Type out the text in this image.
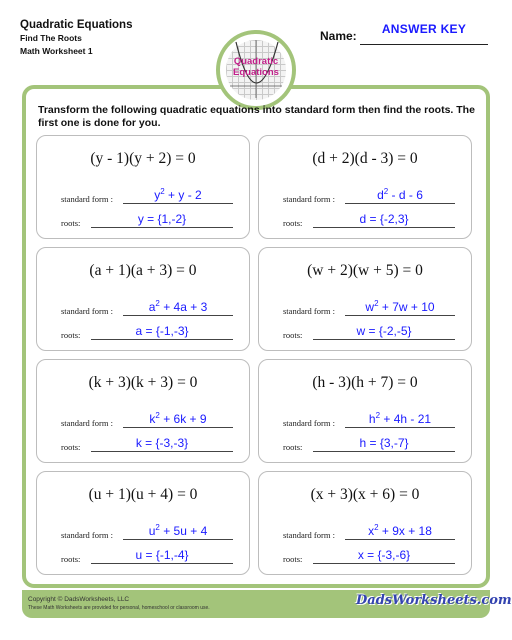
Quadratic Equations
Find The Roots
Math Worksheet 1
Name:	ANSWER KEY
Quadratic
Equations
Transform the following quadratic equations into standard form then find the roots. The first one is done for you.
(y - 1)(y + 2) = 0
standard form :	$y^2 + y - 2$
roots:	y = {1,-2}
(d + 2)(d - 3) = 0
standard form :	$d^2$ - d - 6
roots:	d = {-2,3}
(a + 1)(a + 3) = 0
standard form :	$a^2 + 4a + 3$
roots:	a = {-1,-3}
(w + 2)(w + 5) = 0
standard form :	$w^2 + 7w + 10$
roots:	w = {-2,-5}
(k + 3)(k + 3) = 0
standard form :	$k^2 + 6k + 9$
roots:	k = {-3,-3}
(h - 3)(h + 7) = 0
standard form :	$h^2 + 4h - 21$
roots:	h = {3,-7}
(u + 1)(u + 4) = 0
standard form :	$u^2 + 5u + 4$
roots:	u = {-1,-4}
(x + 3)(x + 6) = 0
standard form :	$x^2 + 9x + 18$
roots:	x = {-3,-6}
Copyright © DadsWorksheets, LLC
These Math Worksheets are provided for personal, homeschool or classroom use.	DadsWorksheets.com
